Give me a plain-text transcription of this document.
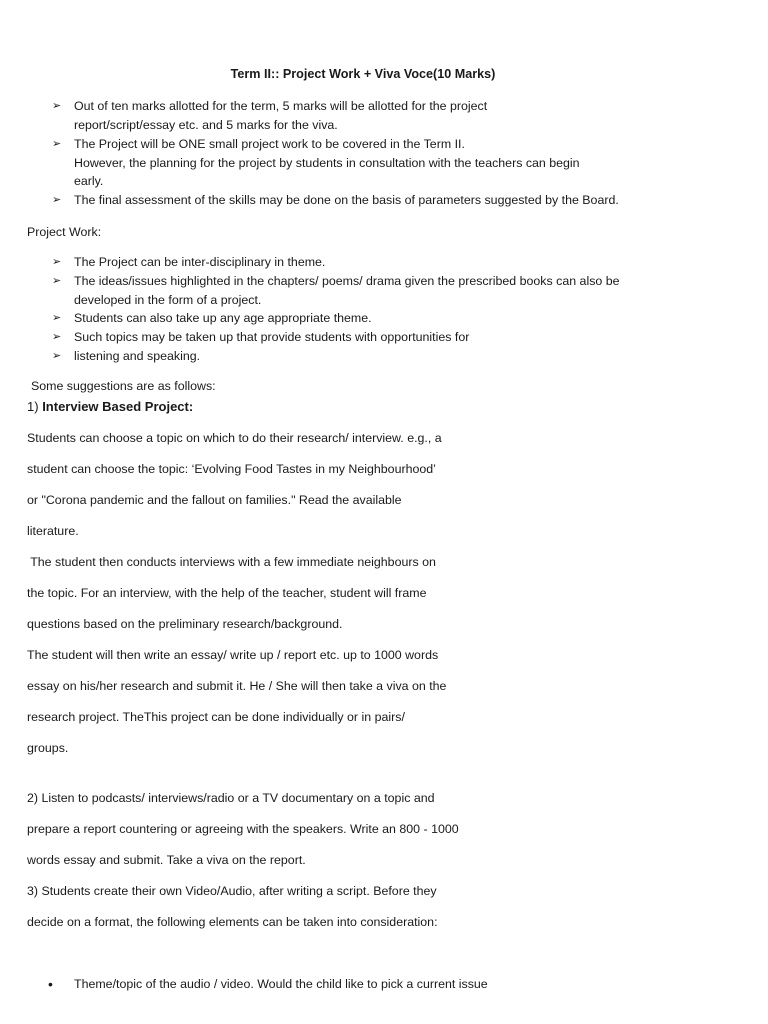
Term II:: Project Work + Viva Voce(10 Marks)
➢ Out of ten marks allotted for the term, 5 marks will be allotted for the project
report/script/essay etc. and 5 marks for the viva.
➢ The Project will be ONE small project work to be covered in the Term II.
However, the planning for the project by students in consultation with the teachers can begin
early.
➢ The final assessment of the skills may be done on the basis of parameters suggested by the Board.
Project Work:
➢ The Project can be inter-disciplinary in theme.
➢ The ideas/issues highlighted in the chapters/ poems/ drama given the prescribed books can also be
developed in the form of a project.
➢ Students can also take up any age appropriate theme.
➢ Such topics may be taken up that provide students with opportunities for
➢ listening and speaking.
Some suggestions are as follows:
1) Interview Based Project:
Students can choose a topic on which to do their research/ interview. e.g., a
student can choose the topic: ‘Evolving Food Tastes in my Neighbourhood’
or "Corona pandemic and the fallout on families." Read the available
literature.
The student then conducts interviews with a few immediate neighbours on
the topic. For an interview, with the help of the teacher, student will frame
questions based on the preliminary research/background.
The student will then write an essay/ write up / report etc. up to 1000 words
essay on his/her research and submit it. He / She will then take a viva on the
research project. TheThis project can be done individually or in pairs/
groups.
2) Listen to podcasts/ interviews/radio or a TV documentary on a topic and
prepare a report countering or agreeing with the speakers. Write an 800 - 1000
words essay and submit. Take a viva on the report.
3) Students create their own Video/Audio, after writing a script. Before they
decide on a format, the following elements can be taken into consideration:
• Theme/topic of the audio / video. Would the child like to pick a current issue
